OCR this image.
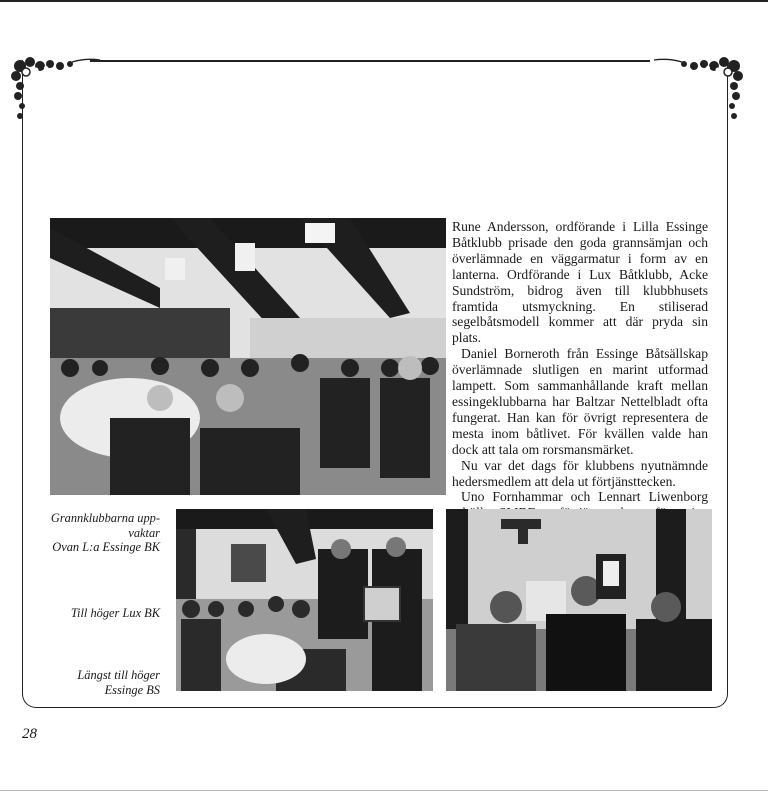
Rune Andersson, ordförande i Lilla Essinge Båtklubb prisade den goda grannsämjan och överlämnade en väggarmatur i form av en lanterna. Ordförande i Lux Båtklubb, Acke Sundström, bidrog även till klubbhusets framtida utsmyckning. En stiliserad segelbåtsmodell kommer att där pryda sin plats.

Daniel Borneroth från Essinge Båtsällskap överlämnade slutligen en marint utformad lampett. Som sammanhållande kraft mellan essingeklubbarna har Baltzar Nettelbladt ofta fungerat. Han kan för övrigt representera de mesta inom båtlivet. För kvällen valde han dock att tala om rorsmansmärket.

Nu var det dags för klubbens nyutnämnde hedersmedlem att dela ut förtjänsttecken.

Uno Fornhammar och Lennart Liwenborg

Grannklubbarna upp-
vaktar
Ovan L:a Essinge BK
Till höger Lux BK
Längst till höger
Essinge BS
28
